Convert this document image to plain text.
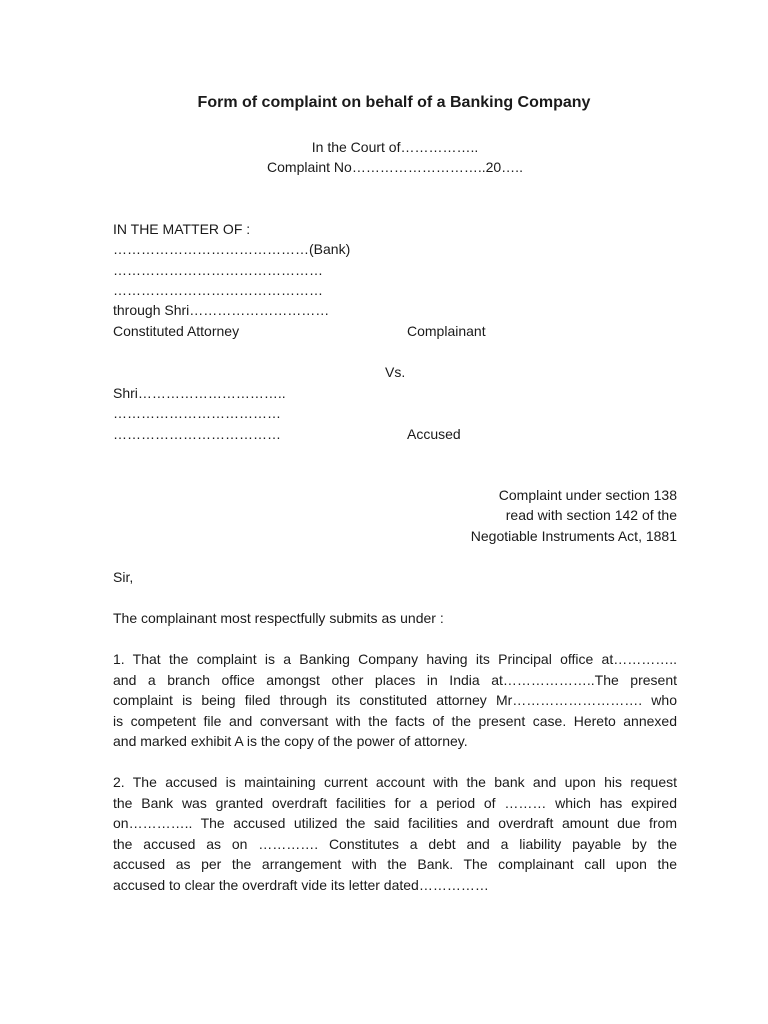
Form of complaint on behalf of a Banking Company
In the Court of……………..
Complaint No………………………..20…..
IN THE MATTER OF :
……………………………………(Bank)
………………………………………
………………………………………
through Shri…………………………
Constituted Attorney	Complainant
Vs.
Shri…………………………..
………………………………
………………………………	Accused
Complaint under section 138
read with section 142 of the
Negotiable Instruments Act, 1881
Sir,
The complainant most respectfully submits as under :
1. That the complaint is a Banking Company having its Principal office at…………..
and a branch office amongst other places in India at………………..The present
complaint is being filed through its constituted attorney Mr………………………. who
is competent file and conversant with the facts of the present case. Hereto annexed
and marked exhibit A is the copy of the power of attorney.
2. The accused is maintaining current account with the bank and upon his request
the Bank was granted overdraft facilities for a period of ……… which has expired
on………….. The accused utilized the said facilities and overdraft amount due from
the accused as on …………. Constitutes a debt and a liability payable by the
accused as per the arrangement with the Bank. The complainant call upon the
accused to clear the overdraft vide its letter dated……………
